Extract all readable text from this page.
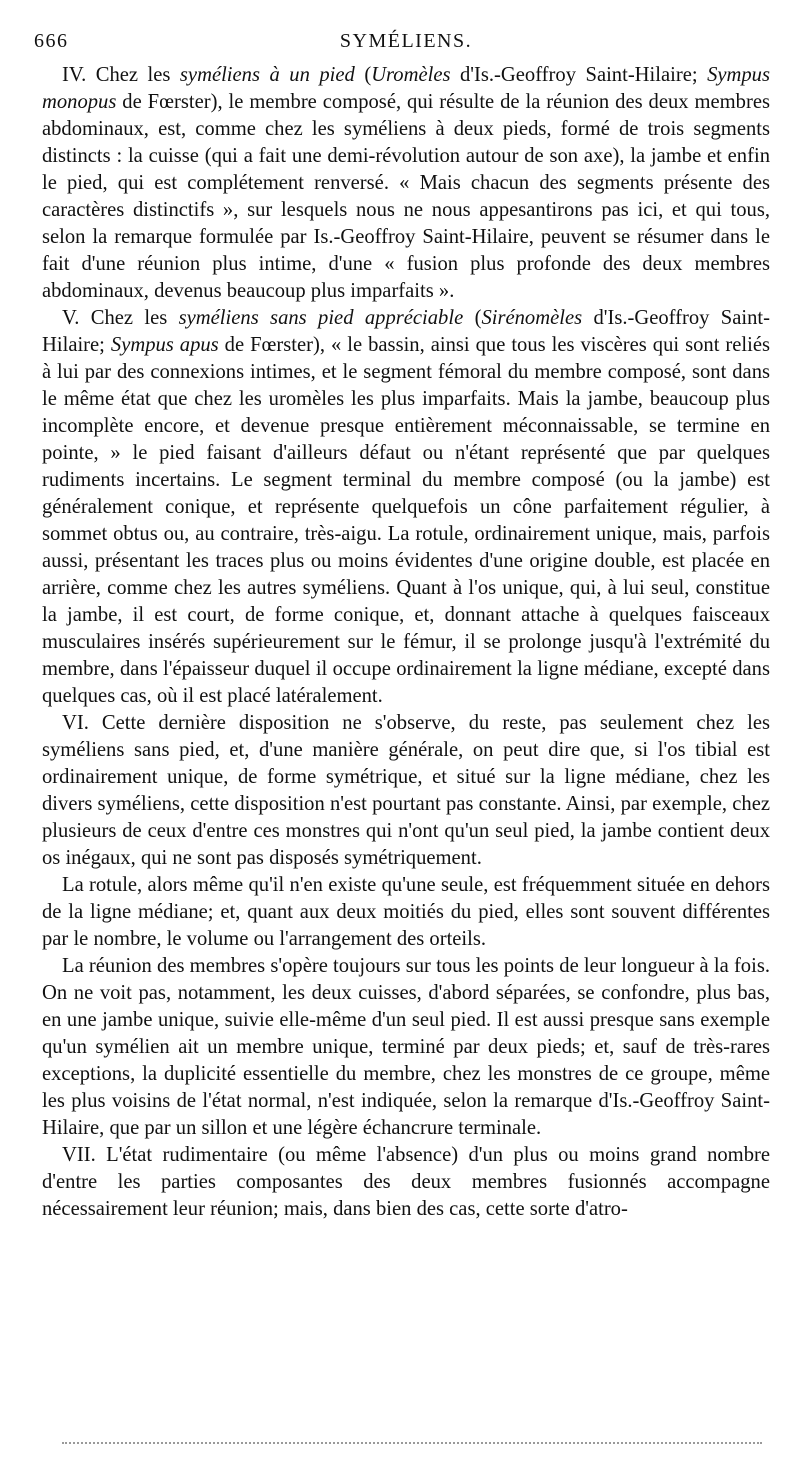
666	SYMÉLIENS.

IV. Chez les syméliens à un pied (Uromèles d'Is.-Geoffroy Saint-Hilaire; Sympus monopus de Fœrster), le membre composé, qui résulte de la réunion des deux membres abdominaux, est, comme chez les syméliens à deux pieds, formé de trois segments distincts : la cuisse (qui a fait une demi-révolution autour de son axe), la jambe et enfin le pied, qui est complétement renversé. « Mais chacun des segments présente des caractères distinctifs », sur lesquels nous ne nous appesantirons pas ici, et qui tous, selon la remarque formulée par Is.-Geoffroy Saint-Hilaire, peuvent se résumer dans le fait d'une réunion plus intime, d'une « fusion plus profonde des deux membres abdominaux, devenus beaucoup plus imparfaits ».

V. Chez les syméliens sans pied appréciable (Sirénomèles d'Is.-Geoffroy Saint-Hilaire; Sympus apus de Fœrster), « le bassin, ainsi que tous les viscères qui sont reliés à lui par des connexions intimes, et le segment fémoral du membre composé, sont dans le même état que chez les uromèles les plus imparfaits. Mais la jambe, beaucoup plus incomplète encore, et devenue presque entièrement méconnaissable, se termine en pointe, » le pied faisant d'ailleurs défaut ou n'étant représenté que par quelques rudiments incertains. Le segment terminal du membre composé (ou la jambe) est généralement conique, et représente quelquefois un cône parfaitement régulier, à sommet obtus ou, au contraire, très-aigu. La rotule, ordinairement unique, mais, parfois aussi, présentant les traces plus ou moins évidentes d'une origine double, est placée en arrière, comme chez les autres syméliens. Quant à l'os unique, qui, à lui seul, constitue la jambe, il est court, de forme conique, et, donnant attache à quelques faisceaux musculaires insérés supérieurement sur le fémur, il se prolonge jusqu'à l'extrémité du membre, dans l'épaisseur duquel il occupe ordinairement la ligne médiane, excepté dans quelques cas, où il est placé latéralement.

VI. Cette dernière disposition ne s'observe, du reste, pas seulement chez les syméliens sans pied, et, d'une manière générale, on peut dire que, si l'os tibial est ordinairement unique, de forme symétrique, et situé sur la ligne médiane, chez les divers syméliens, cette disposition n'est pourtant pas constante. Ainsi, par exemple, chez plusieurs de ceux d'entre ces monstres qui n'ont qu'un seul pied, la jambe contient deux os inégaux, qui ne sont pas disposés symétriquement.

La rotule, alors même qu'il n'en existe qu'une seule, est fréquemment située en dehors de la ligne médiane; et, quant aux deux moitiés du pied, elles sont souvent différentes par le nombre, le volume ou l'arrangement des orteils.

La réunion des membres s'opère toujours sur tous les points de leur longueur à la fois. On ne voit pas, notamment, les deux cuisses, d'abord séparées, se confondre, plus bas, en une jambe unique, suivie elle-même d'un seul pied. Il est aussi presque sans exemple qu'un symélien ait un membre unique, terminé par deux pieds; et, sauf de très-rares exceptions, la duplicité essentielle du membre, chez les monstres de ce groupe, même les plus voisins de l'état normal, n'est indiquée, selon la remarque d'Is.-Geoffroy Saint-Hilaire, que par un sillon et une légère échancrure terminale.

VII. L'état rudimentaire (ou même l'absence) d'un plus ou moins grand nombre d'entre les parties composantes des deux membres fusionnés accompagne nécessairement leur réunion; mais, dans bien des cas, cette sorte d'atro-
